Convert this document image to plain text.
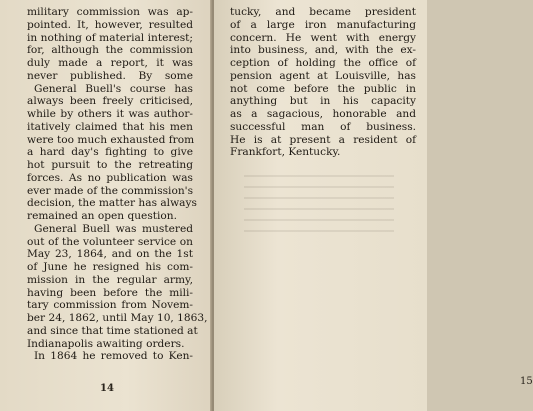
military commission was ap-
pointed. It, however, resulted
in nothing of material interest;
for, although the commission
duly made a report, it was
never published. By some
General Buell's course has
always been freely criticised,
while by others it was author-
itatively claimed that his men
were too much exhausted from
a hard day's fighting to give
hot pursuit to the retreating
forces. As no publication was
ever made of the commission's
decision, the matter has always
remained an open question.
General Buell was mustered
out of the volunteer service on
May 23, 1864, and on the 1st
of June he resigned his com-
mission in the regular army,
having been before the mili-
tary commission from Novem-
ber 24, 1862, until May 10, 1863,
and since that time stationed at
Indianapolis awaiting orders.
In 1864 he removed to Ken-
14
tucky, and became president
of a large iron manufacturing
concern. He went with energy
into business, and, with the ex-
ception of holding the office of
pension agent at Louisville, has
not come before the public in
anything but in his capacity
as a sagacious, honorable and
successful man of business.
He is at present a resident of
Frankfort, Kentucky.
15
